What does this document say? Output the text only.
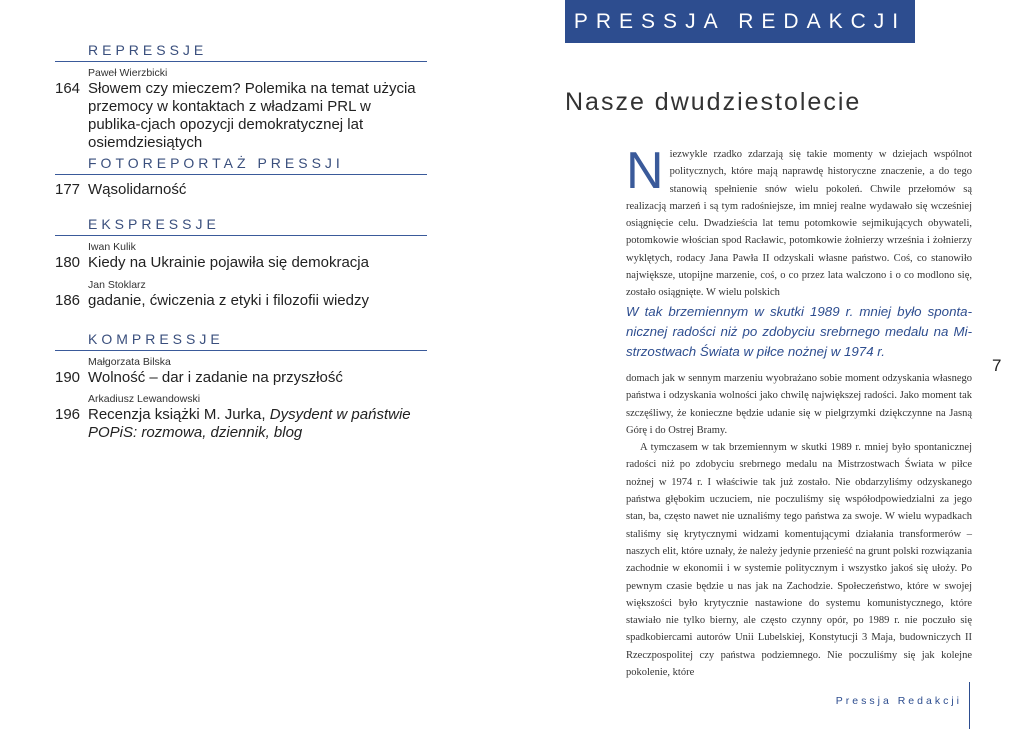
REPRESSJE
Paweł Wierzbicki
164 Słowem czy mieczem? Polemika na temat użycia przemocy w kontaktach z władzami PRL w publika-cjach opozycji demokratycznej lat osiemdziesiątych
FOTOREPORTAŻ PRESSJI
177 Wąsolidarność
EKSPRESSJE
Iwan Kulik
180 Kiedy na Ukrainie pojawiła się demokracja
Jan Stoklarz
186 gadanie, ćwiczenia z etyki i filozofii wiedzy
KOMPRESSJE
Małgorzata Bilska
190 Wolność – dar i zadanie na przyszłość
Arkadiusz Lewandowski
196 Recenzja książki M. Jurka, Dysydent w państwie POPiS: rozmowa, dziennik, blog
PRESSJA REDAKCJI
Nasze dwudziestolecie
Niezwykle rzadko zdarzają się takie momenty w dziejach wspólnot politycznych, które mają naprawdę historyczne znaczenie, a do tego stanowią spełnienie snów wielu pokoleń. Chwile przełomów są realizacją marzeń i są tym radośniejsze, im mniej realne wydawało się wcześniej osiągnięcie celu. Dwadzieścia lat temu potomkowie sejmikujących obywateli, potomkowie włościan spod Racławic, potomkowie żołnierzy września i żołnierzy wyklętych, rodacy Jana Pawła II odzyskali własne państwo. Coś, co stanowiło największe, utopijne marzenie, coś, o co przez lata walczono i o co modlono się, zostało osiągnięte. W wielu polskich
W tak brzemiennym w skutki 1989 r. mniej było sponta-nicznej radości niż po zdobyciu srebrnego medalu na Mi-strzostwach Świata w piłce nożnej w 1974 r.
domach jak w sennym marzeniu wyobrażano sobie moment odzyskania własnego państwa i odzyskania wolności jako chwilę największej radości. Jako moment tak szczęśliwy, że konieczne będzie udanie się w pielgrzymki dziękczynne na Jasną Górę i do Ostrej Bramy.
A tymczasem w tak brzemiennym w skutki 1989 r. mniej było spontanicznej radości niż po zdobyciu srebrnego medalu na Mistrzostwach Świata w piłce nożnej w 1974 r. I właściwie tak już zostało. Nie obdarzyliśmy odzyskanego państwa głębokim uczuciem, nie poczuliśmy się współodpowiedzialni za jego stan, ba, często nawet nie uznaliśmy tego państwa za swoje. W wielu wypadkach staliśmy się krytycznymi widzami komentującymi działania transformerów – naszych elit, które uznały, że należy jedynie przenieść na grunt polski rozwiązania zachodnie w ekonomii i w systemie politycznym i wszystko jakoś się ułoży. Po pewnym czasie będzie u nas jak na Zachodzie. Społeczeństwo, które w swojej większości było krytycznie nastawione do systemu komunistycznego, które stawiało nie tylko bierny, ale często czynny opór, po 1989 r. nie poczuło się spadkobiercami autorów Unii Lubelskiej, Konstytucji 3 Maja, budowniczych II Rzeczpospolitej czy państwa podziemnego. Nie poczuliśmy się jak kolejne pokolenie, które
7
Pressja Redakcji
